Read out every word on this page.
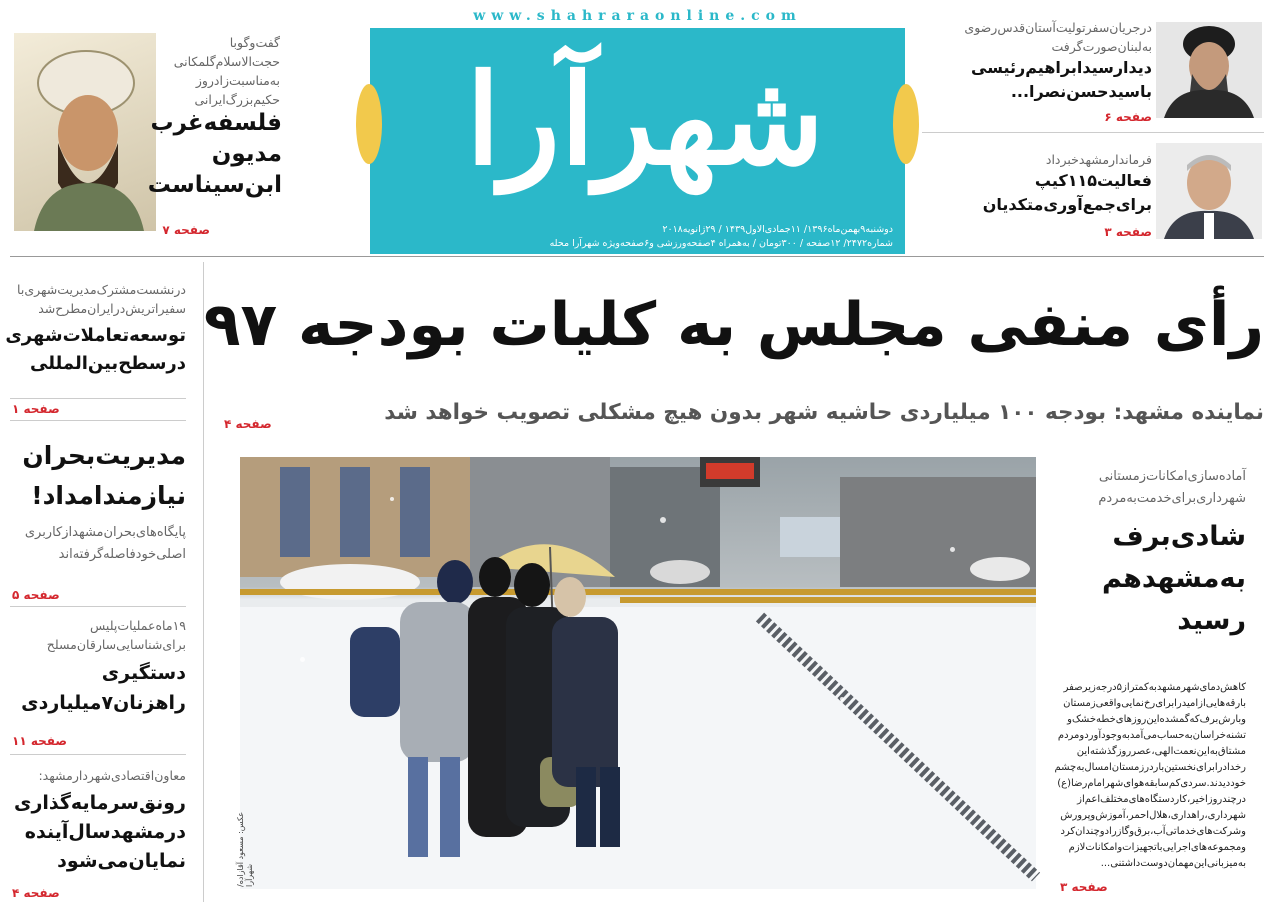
گفت‌وگوبا
حجت‌الاسلام‌گلمکانی
به‌مناسبت‌زادروز
حکیم‌بزرگ‌ایرانی
فلسفه‌غرب
مدیون
ابن‌سیناست
صفحه ۷
www.shahraraonline.com
شهرآرا
دوشنبه۹بهمن‌ماه۱۳۹۶/ ۱۱جمادی‌الاول۱۴۳۹ / ۲۹ژانویه۲۰۱۸
شماره۲۴۷۲/ ۱۲صفحه / ۳۰۰تومان / به‌همراه ۴صفحه‌ورزشی و۶صفحه‌ویژه شهرآرا محله
درجریان‌سفرتولیت‌آستان‌قدس‌رضوی
به‌لبنان‌صورت‌گرفت
دیدارسیدابراهیم‌رئیسی
باسیدحسن‌نصرا...
صفحه ۶
فرماندارمشهدخبرداد
فعالیت۱۱۵کیپ
برای‌جمع‌آوری‌متکدیان
صفحه ۳
درنشست‌مشترک‌مدیریت‌شهری‌با
سفیراتریش‌درایران‌مطرح‌شد
توسعه‌تعاملات‌شهری
درسطح‌بین‌المللی
صفحه ۱
مدیریت‌بحران
نیازمندامداد!
پایگاه‌های‌بحران‌مشهدازکاربری
اصلی‌خودفاصله‌گرفته‌اند
صفحه ۵
۱۹ماه‌عملیات‌پلیس
برای‌شناسایی‌سارقان‌مسلح
دستگیری
راهزنان۷میلیاردی
صفحه ۱۱
معاون‌اقتصادی‌شهردارمشهد:
رونق‌سرمایه‌گذاری
درمشهدسال‌آینده
نمایان‌می‌شود
صفحه ۴
رأی منفی مجلس به کلیات بودجه ۹۷
نماینده مشهد: بودجه ۱۰۰ میلیاردی حاشیه شهر بدون هیچ مشکلی تصویب خواهد شد
صفحه ۴
عکس: مسعود آقازاده/ شهرآرا
آماده‌سازی‌امکانات‌زمستانی
شهرداری‌برای‌خدمت‌به‌مردم
شادی‌برف
به‌مشهدهم
رسید
کاهش‌دمای‌شهرمشهدبه‌کمتراز۵درجه‌زیرصفر
بارقه‌هایی‌ازامیدرابرای‌رخ‌نمایی‌واقعی‌زمستان
وبارش‌برف‌که‌گمشده‌این‌روزهای‌خطه‌خشک‌و
تشنه‌خراسان‌به‌حساب‌می‌آمدبه‌وجودآوردومردم
مشتاق‌به‌این‌نعمت‌الهی،عصرروزگذشته‌این
رخدادرابرای‌نخستین‌باردرزمستان‌امسال‌به‌چشم
خوددیدند.سردی‌کم‌سابقه‌هوای‌شهرامام‌رضا(ع)
درچندروزاخیر،کاردستگاه‌های‌مختلف‌اعم‌از
شهرداری،راهداری،هلال‌احمر،آموزش‌وپرورش
وشرکت‌های‌خدماتی‌آب،برق‌وگازرادوچندان‌کرد
ومجموعه‌های‌اجرایی‌باتجهیزات‌وامکانات‌لازم
به‌میزبانی‌این‌مهمان‌دوست‌داشتنی...
صفحه ۳
